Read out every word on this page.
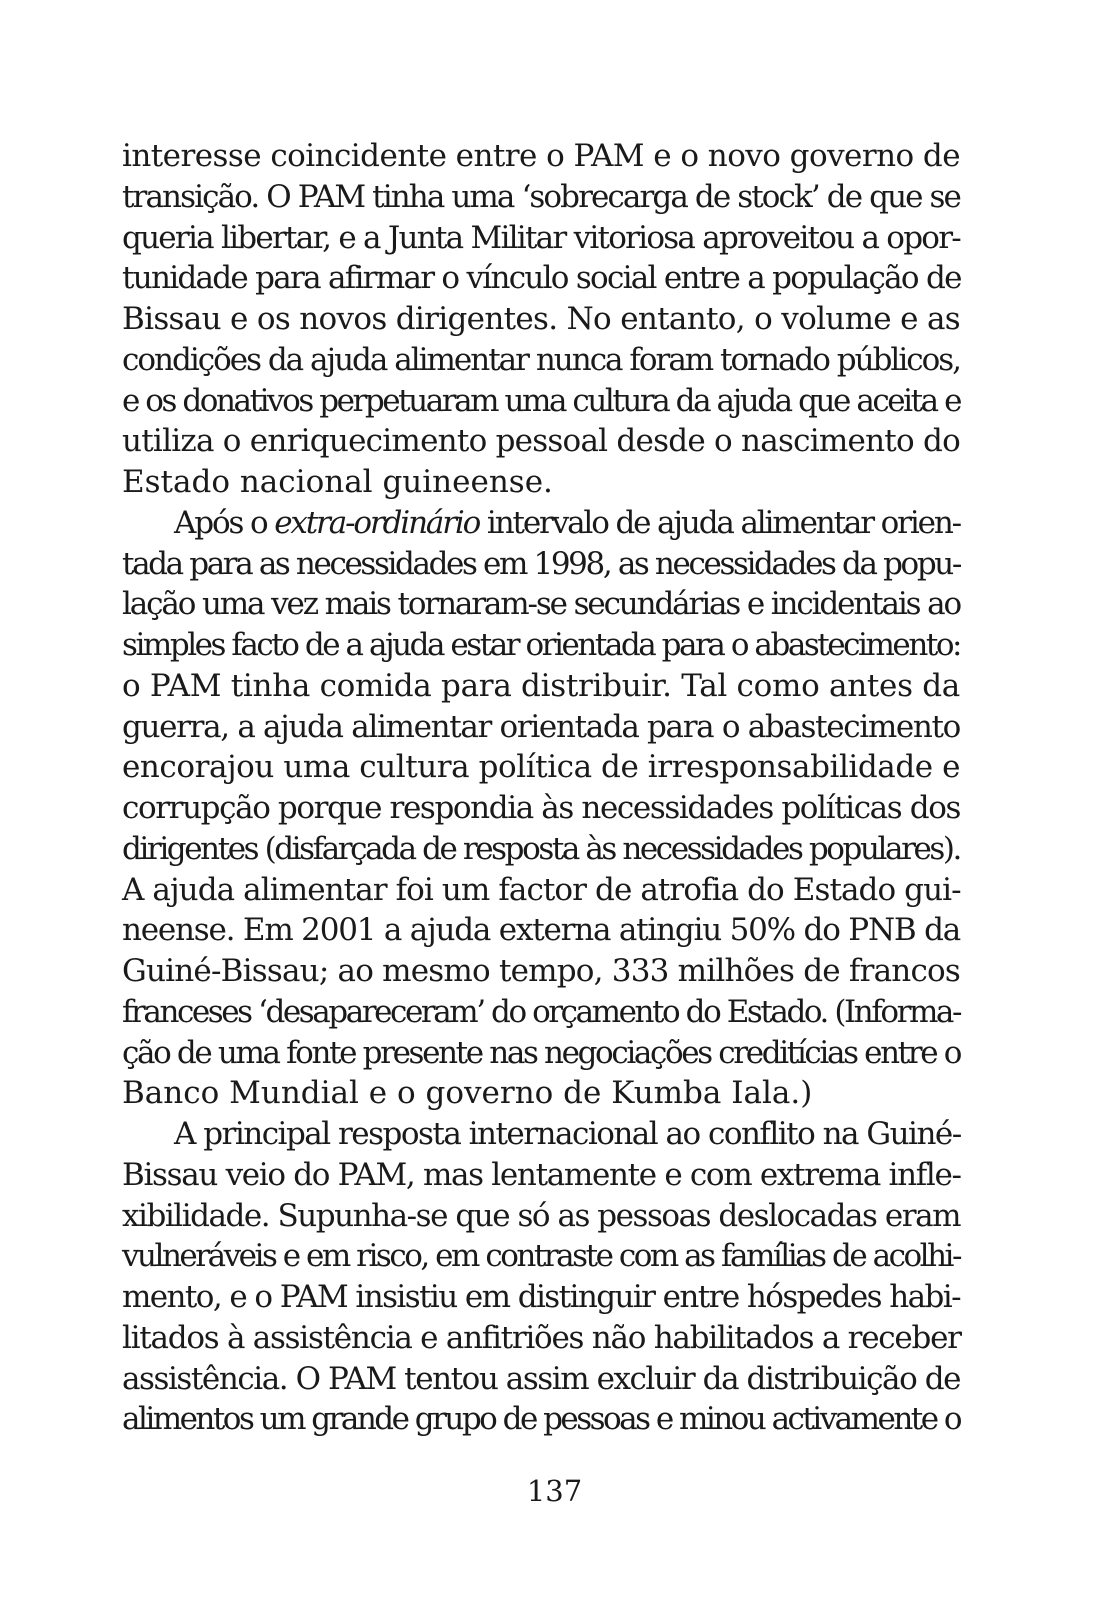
interesse coincidente entre o PAM e o novo governo de
transição. O PAM tinha uma ‘sobrecarga de stock’ de que se
queria libertar, e a Junta Militar vitoriosa aproveitou a opor-
tunidade para afirmar o vínculo social entre a população de
Bissau e os novos dirigentes. No entanto, o volume e as
condições da ajuda alimentar nunca foram tornado públicos,
e os donativos perpetuaram uma cultura da ajuda que aceita e
utiliza o enriquecimento pessoal desde o nascimento do
Estado nacional guineense.
Após o extra-ordinário intervalo de ajuda alimentar orien-
tada para as necessidades em 1998, as necessidades da popu-
lação uma vez mais tornaram-se secundárias e incidentais ao
simples facto de a ajuda estar orientada para o abastecimento:
o PAM tinha comida para distribuir. Tal como antes da
guerra, a ajuda alimentar orientada para o abastecimento
encorajou uma cultura política de irresponsabilidade e
corrupção porque respondia às necessidades políticas dos
dirigentes (disfarçada de resposta às necessidades populares).
A ajuda alimentar foi um factor de atrofia do Estado gui-
neense. Em 2001 a ajuda externa atingiu 50% do PNB da
Guiné-Bissau; ao mesmo tempo, 333 milhões de francos
franceses ‘desapareceram’ do orçamento do Estado. (Informa-
ção de uma fonte presente nas negociações creditícias entre o
Banco Mundial e o governo de Kumba Iala.)
A principal resposta internacional ao conflito na Guiné-
Bissau veio do PAM, mas lentamente e com extrema infle-
xibilidade. Supunha-se que só as pessoas deslocadas eram
vulneráveis e em risco, em contraste com as famílias de acolhi-
mento, e o PAM insistiu em distinguir entre hóspedes habi-
litados à assistência e anfitriões não habilitados a receber
assistência. O PAM tentou assim excluir da distribuição de
alimentos um grande grupo de pessoas e minou activamente o
137
